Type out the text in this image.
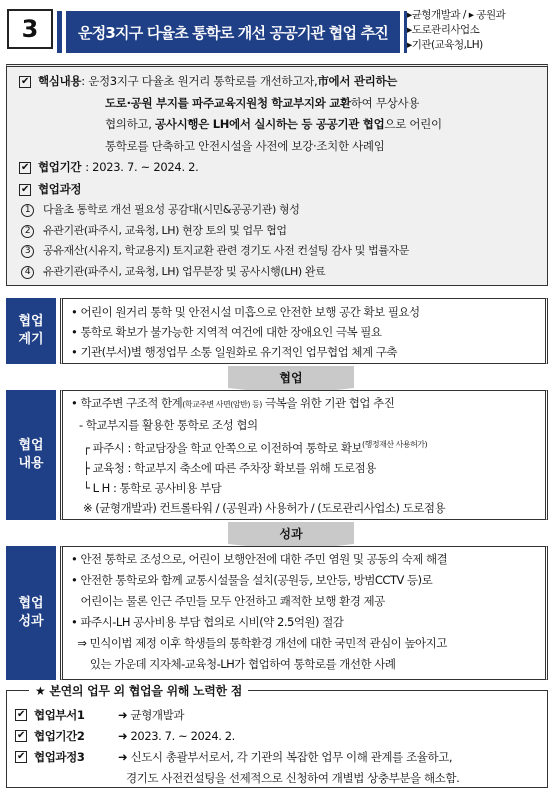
3	운정3지구 다율초 통학로 개선 공공기관 협업 추진
▸균형개발과 / ▸ 공원과
▸도로관리사업소
▸기관(교육청,LH)
✔ 핵심내용 : 운정3지구 다율초 원거리 통학로를 개선하고자, 市에서 관리하는
도로·공원 부지를 파주교육지원청 학교부지와 교환하여 무상사용
협의하고, 공사시행은 LH에서 실시하는 등 공공기관 협업으로 어린이
통학로를 단축하고 안전시설을 사전에 보강·조치한 사례임
✔ 협업기간 : 2023. 7. ~ 2024. 2.
✔ 협업과정
1	다율초 통학로 개선 필요성 공감대(시민&공공기관) 형성
2	유관기관(파주시, 교육청, LH) 현장 토의 및 업무 협업
3	공유재산(시유지, 학교용지) 토지교환 관련 경기도 사전 컨설팅 감사 및 법률자문
4	유관기관(파주시, 교육청, LH) 업무분장 및 공사시행(LH) 완료
협업
계기
• 어린이 원거리 통학 및 안전시설 미흡으로 안전한 보행 공간 확보 필요성
• 통학로 확보가 불가능한 지역적 여건에 대한 장애요인 극복 필요
• 기관(부서)별 행정업무 소통 일원화로 유기적인 업무협업 체계 구축
협업
협업
내용
• 학교주변 구조적 한계(학교주변 사면(암반) 등) 극복을 위한 기관 협업 추진
- 학교부지를 활용한 통학로 조성 협의
┌ 파주시 : 학교담장을 학교 안쪽으로 이전하여 통학로 확보$^{(행정재산 사용허가)}$
├ 교육청 : 학교부지 축소에 따른 주차장 확보를 위해 도로점용
└ L H : 통학로 공사비용 부담
※ (균형개발과) 컨트롤타워 / (공원과) 사용허가 / (도로관리사업소) 도로점용
성과
협업
성과
• 안전 통학로 조성으로, 어린이 보행안전에 대한 주민 염원 및 공동의 숙제 해결
• 안전한 통학로와 함께 교통시설물을 설치(공원등, 보안등, 방범CCTV 등)로
어린이는 물론 인근 주민들 모두 안전하고 쾌적한 보행 환경 제공
• 파주시-LH 공사비용 부담 협의로 시비(약 2.5억원) 절감
⇒ 민식이법 제정 이후 학생들의 통학환경 개선에 대한 국민적 관심이 높아지고
있는 가운데 지자체-교육청-LH가 협업하여 통학로를 개선한 사례
★ 본연의 업무 외 협업을 위해 노력한 점
✔ 협업부서1	➜ 균형개발과
✔ 협업기간2	➜ 2023. 7. ~ 2024. 2.
✔ 협업과정3	➜ 신도시 총괄부서로서, 각 기관의 복잡한 업무 이해 관계를 조율하고,
경기도 사전컨설팅을 선제적으로 신청하여 개별법 상충부분을 해소함.
